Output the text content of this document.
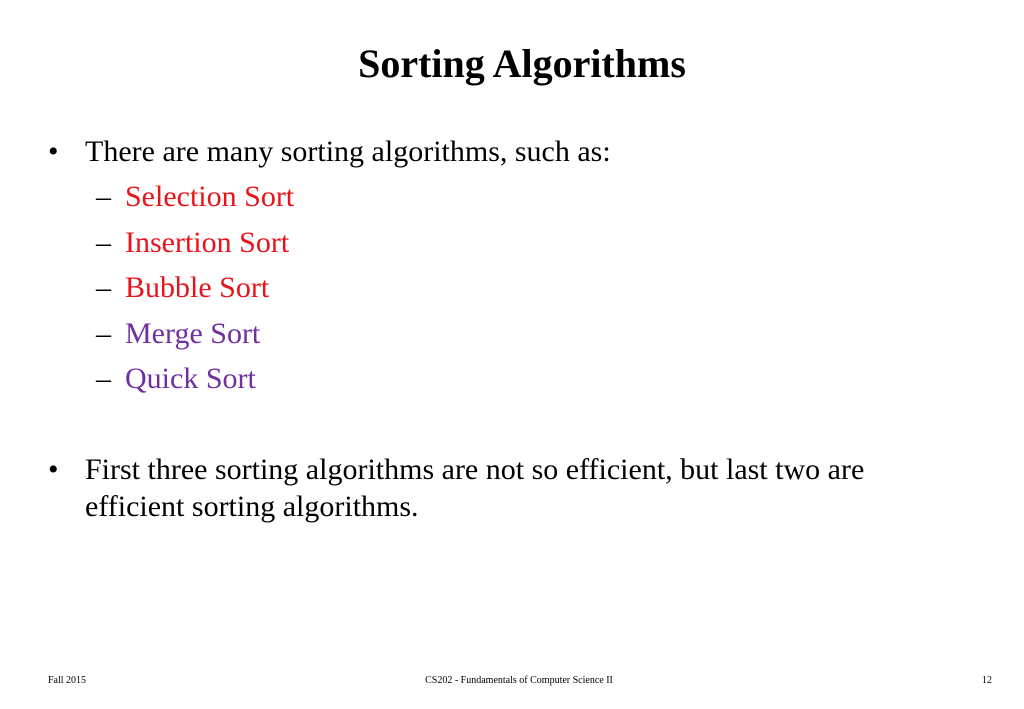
Sorting Algorithms
• There are many sorting algorithms, such as:
– Selection Sort
– Insertion Sort
– Bubble Sort
– Merge Sort
– Quick Sort
• First three sorting algorithms are not so efficient, but last two are efficient sorting algorithms.
Fall 2015	CS202 - Fundamentals of Computer Science II	12
